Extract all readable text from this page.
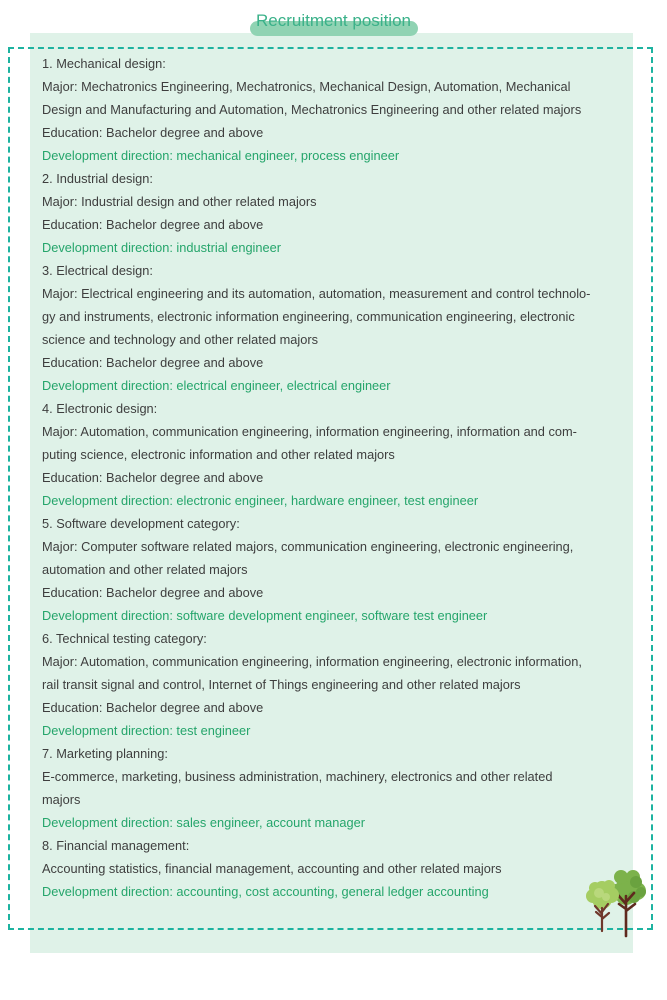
Recruitment position
1. Mechanical design:
Major: Mechatronics Engineering, Mechatronics, Mechanical Design, Automation, Mechanical
Design and Manufacturing and Automation, Mechatronics Engineering and other related majors
Education: Bachelor degree and above
Development direction: mechanical engineer, process engineer
2. Industrial design:
Major: Industrial design and other related majors
Education: Bachelor degree and above
Development direction: industrial engineer
3. Electrical design:
Major: Electrical engineering and its automation, automation, measurement and control technolo-
gy and instruments, electronic information engineering, communication engineering, electronic
science and technology and other related majors
Education: Bachelor degree and above
Development direction: electrical engineer, electrical engineer
4. Electronic design:
Major: Automation, communication engineering, information engineering, information and com-
puting science, electronic information and other related majors
Education: Bachelor degree and above
Development direction: electronic engineer, hardware engineer, test engineer
5. Software development category:
Major: Computer software related majors, communication engineering, electronic engineering,
automation and other related majors
Education: Bachelor degree and above
Development direction: software development engineer, software test engineer
6. Technical testing category:
Major: Automation, communication engineering, information engineering, electronic information,
rail transit signal and control, Internet of Things engineering and other related majors
Education: Bachelor degree and above
Development direction: test engineer
7. Marketing planning:
E-commerce, marketing, business administration, machinery, electronics and other related
majors
Development direction: sales engineer, account manager
8. Financial management:
Accounting statistics, financial management, accounting and other related majors
Development direction: accounting, cost accounting, general ledger accounting
